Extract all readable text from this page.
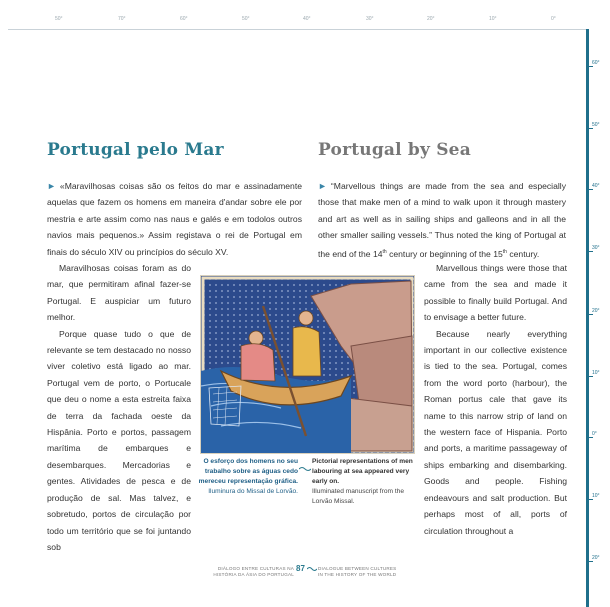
50°	70°	60°	50°	40°	30°	20°	10°	0°
60°
50°
40°
30°
20°
10°
0°
10°
20°
Portugal pelo Mar	Portugal by Sea
► «Maravilhosas coisas são os feitos do mar e assinadamente aquelas que fazem os homens em maneira d'andar sobre ele por mestria e arte assim como nas naus e galés e em todolos outros navios mais pequenos.» Assim registava o rei de Portugal em finais do século XIV ou princípios do século XV.

Maravilhosas coisas foram as do mar, que permitiram afinal fazer-se Portugal. E auspiciar um futuro melhor.

Porque quase tudo o que de relevante se tem destacado no nosso viver coletivo está ligado ao mar. Portugal vem de porto, o Portucale que deu o nome a esta estreita faixa de terra da fachada oeste da Hispânia. Porto e portos, passagem marítima de embarques e desembarques. Mercadorias e gentes. Atividades de pesca e de produção de sal. Mas talvez, e sobretudo, portos de circulação por todo um território que se foi juntando sob

► “Marvellous things are made from the sea and especially those that make men of a mind to walk upon it through mastery and art as well as in sailing ships and galleons and in all the other smaller sailing vessels.” Thus noted the king of Portugal at the end of the 14th century or beginning of the 15th century.

Marvellous things were those that came from the sea and made it possible to finally build Portugal. And to envisage a better future.

Because nearly everything important in our collective existence is tied to the sea. Portugal, comes from the word porto (harbour), the Roman portus cale that gave its name to this narrow strip of land on the western face of Hispania. Porto and ports, a maritime passageway of ships embarking and disembarking. Goods and people. Fishing endeavours and salt production. But perhaps most of all, ports of circulation throughout a

O esforço dos homens no seu trabalho sobre as águas cedo mereceu representação gráfica.
Iluminura do Missal de Lorvão.
Pictorial representations of men labouring at sea appeared very early on.
Illuminated manuscript from the Lorvão Missal.
DIÁLOGO ENTRE CULTURAS NA
HISTÓRIA DA ÁSIA DO PORTUGAL
87	DIALOGUE BETWEEN CULTURES
IN THE HISTORY OF THE WORLD
